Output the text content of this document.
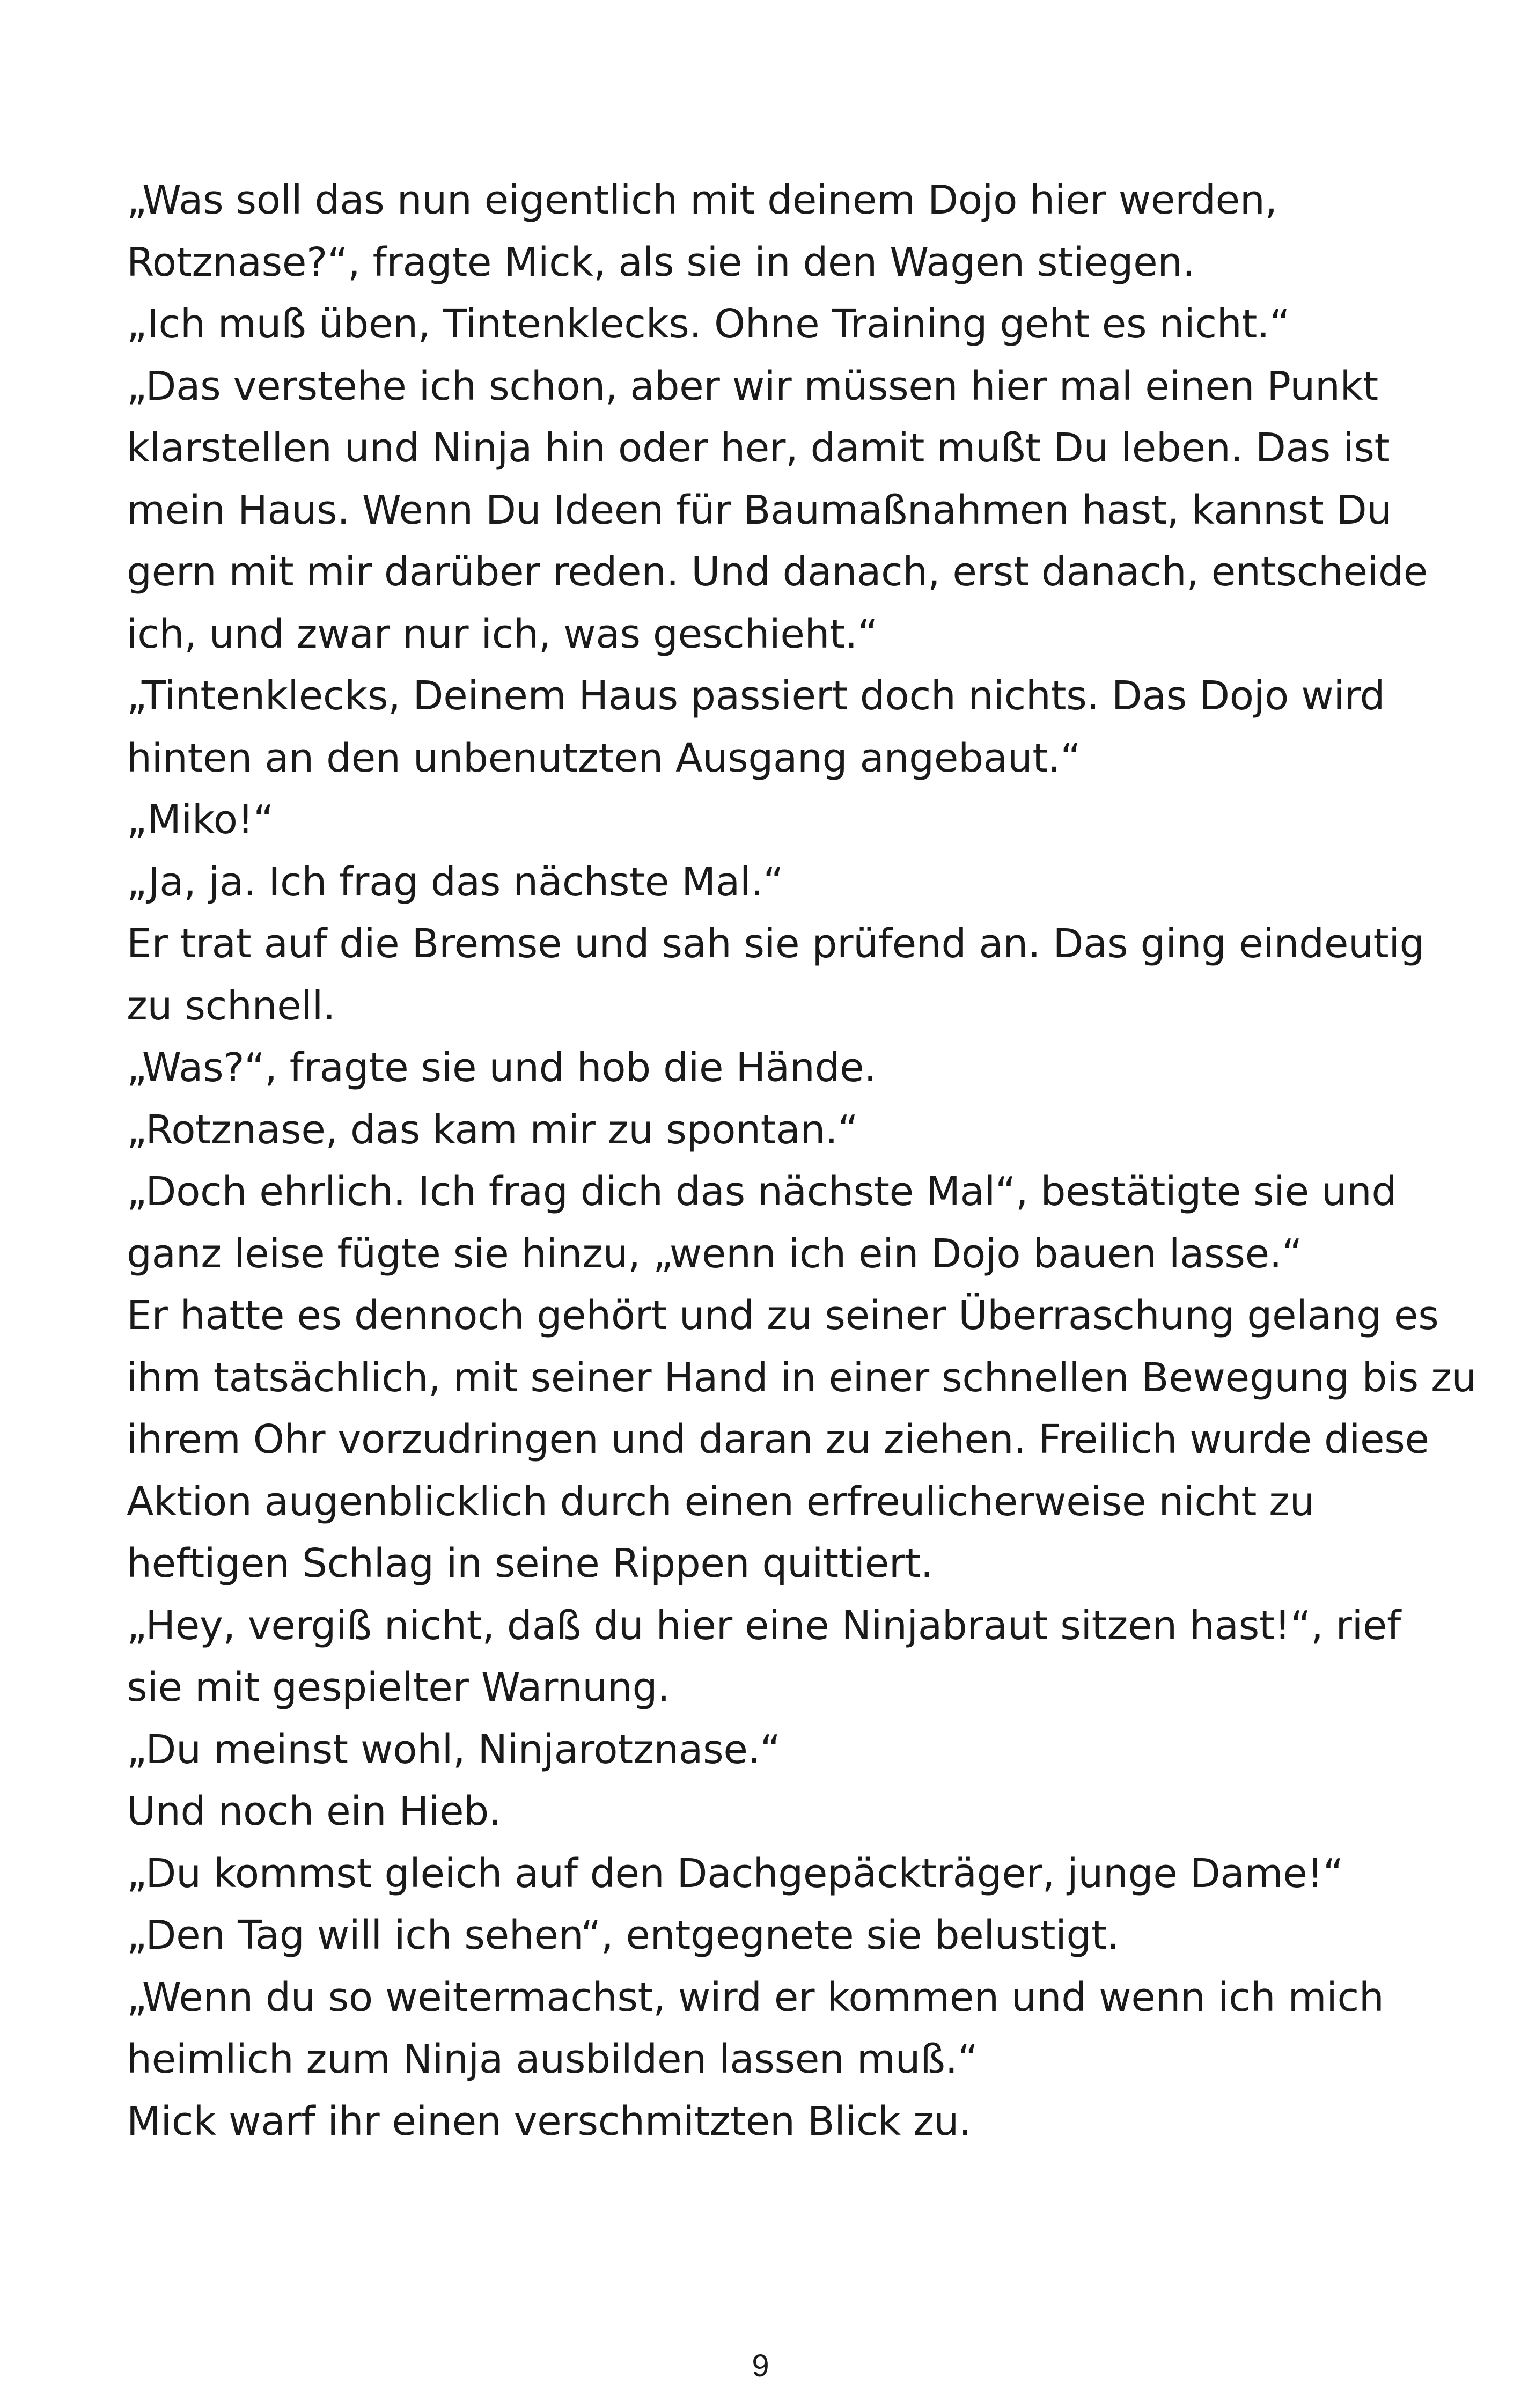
„Was soll das nun eigentlich mit deinem Dojo hier werden,
Rotznase?“, fragte Mick, als sie in den Wagen stiegen.
„Ich muß üben, Tintenklecks. Ohne Training geht es nicht.“
„Das verstehe ich schon, aber wir müssen hier mal einen Punkt
klarstellen und Ninja hin oder her, damit mußt Du leben. Das ist
mein Haus. Wenn Du Ideen für Baumaßnahmen hast, kannst Du
gern mit mir darüber reden. Und danach, erst danach, entscheide
ich, und zwar nur ich, was geschieht.“
„Tintenklecks, Deinem Haus passiert doch nichts. Das Dojo wird
hinten an den unbenutzten Ausgang angebaut.“
„Miko!“
„Ja, ja. Ich frag das nächste Mal.“
Er trat auf die Bremse und sah sie prüfend an. Das ging eindeutig
zu schnell.
„Was?“, fragte sie und hob die Hände.
„Rotznase, das kam mir zu spontan.“
„Doch ehrlich. Ich frag dich das nächste Mal“, bestätigte sie und
ganz leise fügte sie hinzu, „wenn ich ein Dojo bauen lasse.“
Er hatte es dennoch gehört und zu seiner Überraschung gelang es
ihm tatsächlich, mit seiner Hand in einer schnellen Bewegung bis zu
ihrem Ohr vorzudringen und daran zu ziehen. Freilich wurde diese
Aktion augenblicklich durch einen erfreulicherweise nicht zu
heftigen Schlag in seine Rippen quittiert.
„Hey, vergiß nicht, daß du hier eine Ninjabraut sitzen hast!“, rief
sie mit gespielter Warnung.
„Du meinst wohl, Ninjarotznase.“
Und noch ein Hieb.
„Du kommst gleich auf den Dachgepäckträger, junge Dame!“
„Den Tag will ich sehen“, entgegnete sie belustigt.
„Wenn du so weitermachst, wird er kommen und wenn ich mich
heimlich zum Ninja ausbilden lassen muß.“
Mick warf ihr einen verschmitzten Blick zu.
9
